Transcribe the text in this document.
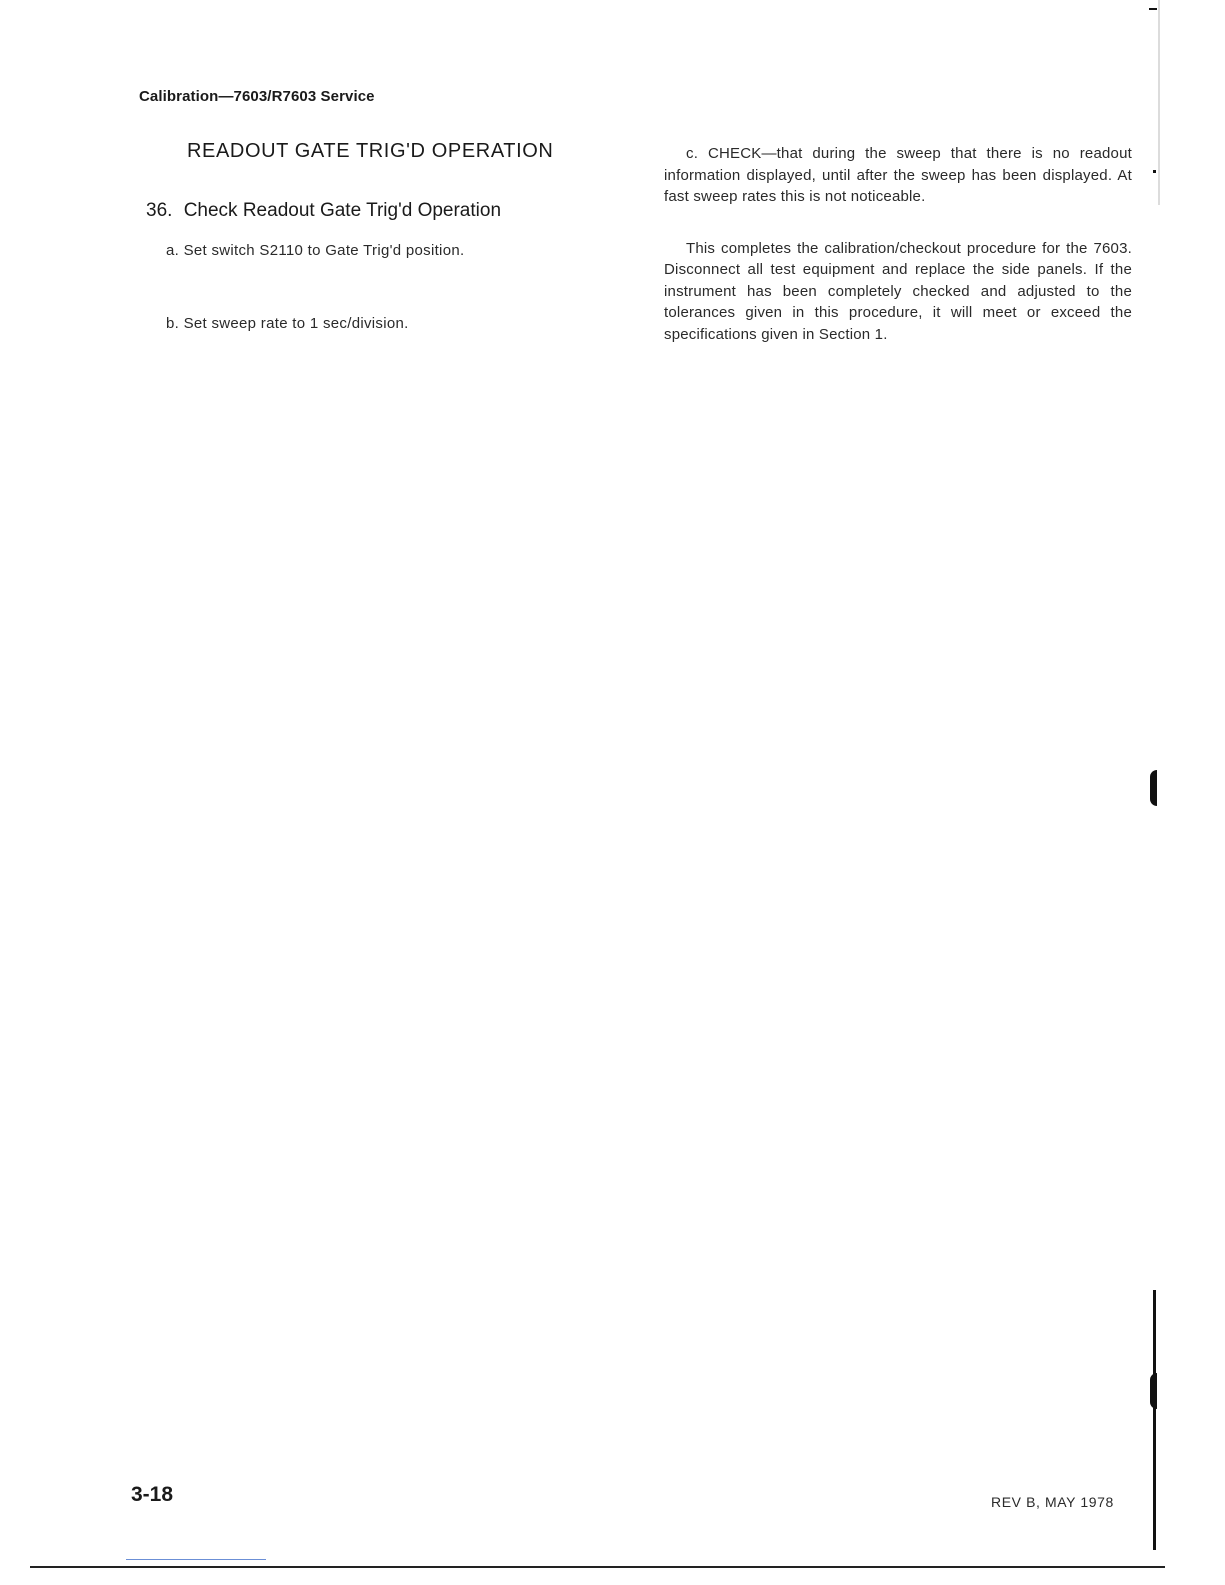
Calibration—7603/R7603 Service
READOUT GATE TRIG'D OPERATION
36. Check Readout Gate Trig'd Operation
a. Set switch S2110 to Gate Trig'd position.
b. Set sweep rate to 1 sec/division.

c. CHECK—that during the sweep that there is no readout information displayed, until after the sweep has been displayed. At fast sweep rates this is not noticeable.

This completes the calibration/checkout procedure for the 7603. Disconnect all test equipment and replace the side panels. If the instrument has been completely checked and adjusted to the tolerances given in this procedure, it will meet or exceed the specifications given in Section 1.

3-18	REV B, MAY 1978
